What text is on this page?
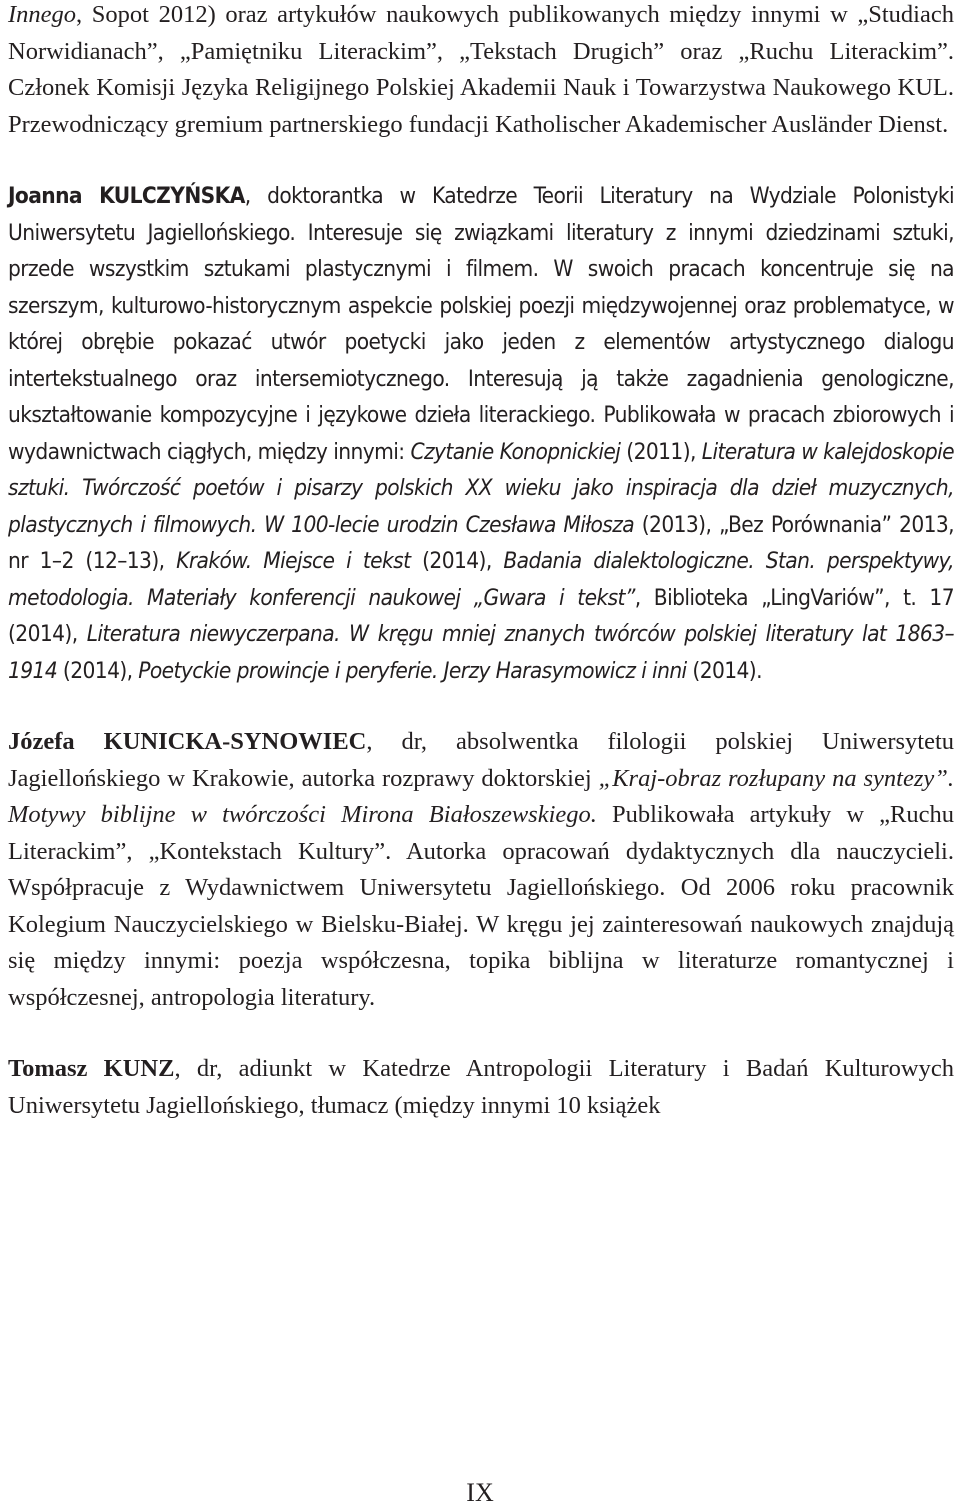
Innego, Sopot 2012) oraz artykułów naukowych publikowanych między innymi w „Studiach Norwidianach”, „Pamiętniku Literackim”, „Tekstach Drugich” oraz „Ruchu Literackim”. Członek Komisji Języka Religijnego Polskiej Akademii Nauk i Towarzystwa Naukowego KUL. Przewodniczący gremium partnerskiego fundacji Katholischer Akademischer Ausländer Dienst.

Joanna KULCZYŃSKA, doktorantka w Katedrze Teorii Literatury na Wydziale Polonistyki Uniwersytetu Jagiellońskiego. Interesuje się związkami literatury z innymi dziedzinami sztuki, przede wszystkim sztukami plastycznymi i filmem. W swoich pracach koncentruje się na szerszym, kulturowo-historycznym aspekcie polskiej poezji międzywojennej oraz problematyce, w której obrębie pokazać utwór poetycki jako jeden z elementów artystycznego dialogu intertekstualnego oraz intersemiotycznego. Interesują ją także zagadnienia genologiczne, ukształtowanie kompozycyjne i językowe dzieła literackiego. Publikowała w pracach zbiorowych i wydawnictwach ciągłych, między innymi: Czytanie Konopnickiej (2011), Literatura w kalejdoskopie sztuki. Twórczość poetów i pisarzy polskich XX wieku jako inspiracja dla dzieł muzycznych, plastycznych i filmowych. W 100-lecie urodzin Czesława Miłosza (2013), „Bez Porównania” 2013, nr 1–2 (12–13), Kraków. Miejsce i tekst (2014), Badania dialektologiczne. Stan. perspektywy, metodologia. Materiały konferencji naukowej „Gwara i tekst”, Biblioteka „LingVariów”, t. 17 (2014), Literatura niewyczerpana. W kręgu mniej znanych twórców polskiej literatury lat 1863–1914 (2014), Poetyckie prowincje i peryferie. Jerzy Harasymowicz i inni (2014).

Józefa KUNICKA-SYNOWIEC, dr, absolwentka filologii polskiej Uniwersytetu Jagiellońskiego w Krakowie, autorka rozprawy doktorskiej „Kraj-obraz rozłupany na syntezy”. Motywy biblijne w twórczości Mirona Białoszewskiego. Publikowała artykuły w „Ruchu Literackim”, „Kontekstach Kultury”. Autorka opracowań dydaktycznych dla nauczycieli. Współpracuje z Wydawnictwem Uniwersytetu Jagiellońskiego. Od 2006 roku pracownik Kolegium Nauczycielskiego w Bielsku-Białej. W kręgu jej zainteresowań naukowych znajdują się między innymi: poezja współczesna, topika biblijna w literaturze romantycznej i współczesnej, antropologia literatury.

Tomasz KUNZ, dr, adiunkt w Katedrze Antropologii Literatury i Badań Kulturowych Uniwersytetu Jagiellońskiego, tłumacz (między innymi 10 książek

IX
